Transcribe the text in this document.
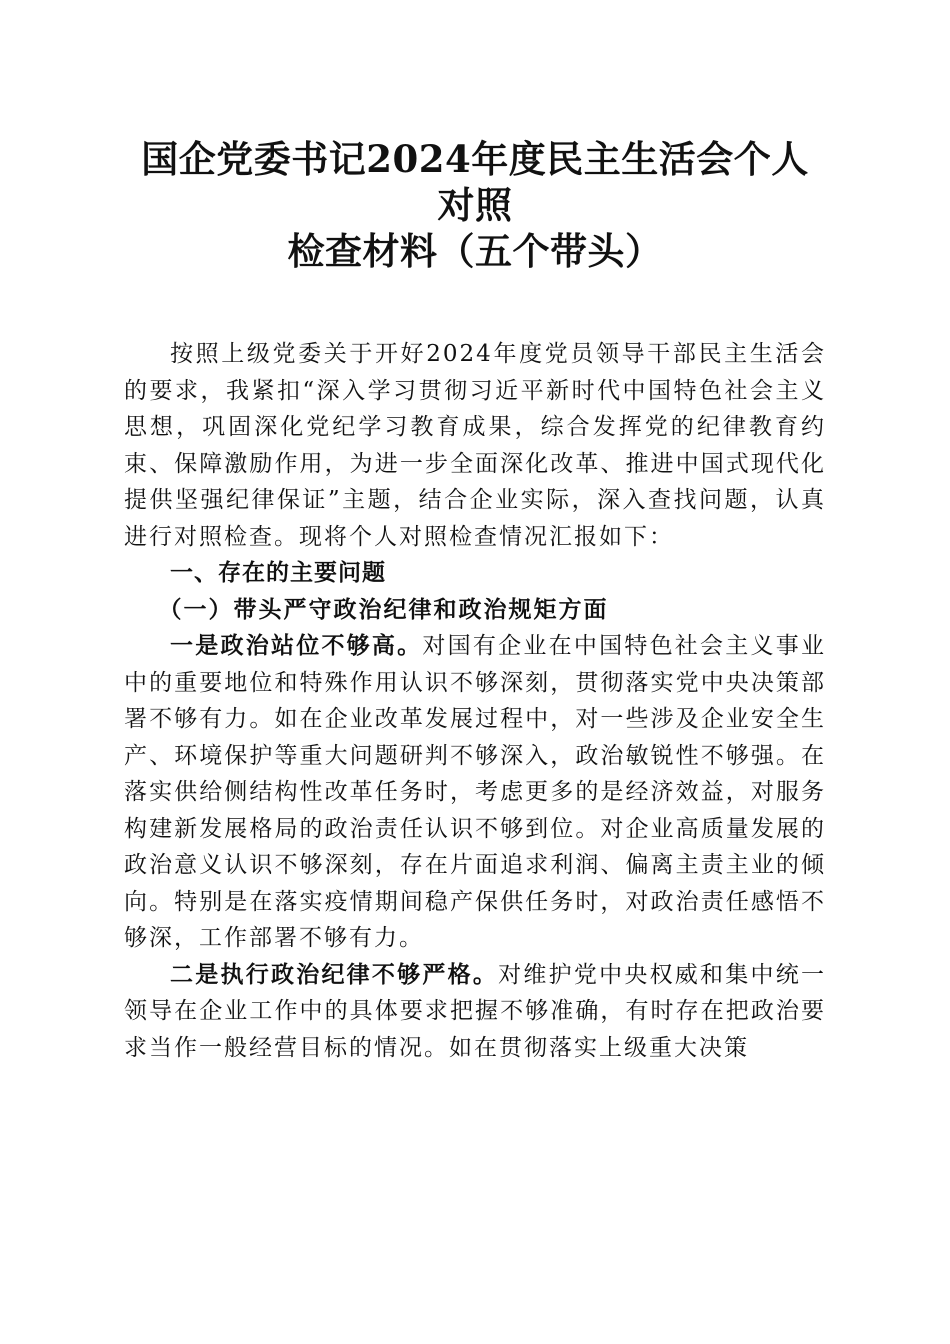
国企党委书记2024年度民主生活会个人对照
检查材料（五个带头）

按照上级党委关于开好2024年度党员领导干部民主生活会的要求，我紧扣“深入学习贯彻习近平新时代中国特色社会主义思想，巩固深化党纪学习教育成果，综合发挥党的纪律教育约束、保障激励作用，为进一步全面深化改革、推进中国式现代化提供坚强纪律保证”主题，结合企业实际，深入查找问题，认真进行对照检查。现将个人对照检查情况汇报如下：

一、存在的主要问题

（一）带头严守政治纪律和政治规矩方面

一是政治站位不够高。对国有企业在中国特色社会主义事业中的重要地位和特殊作用认识不够深刻，贯彻落实党中央决策部署不够有力。如在企业改革发展过程中，对一些涉及企业安全生产、环境保护等重大问题研判不够深入，政治敏锐性不够强。在落实供给侧结构性改革任务时，考虑更多的是经济效益，对服务构建新发展格局的政治责任认识不够到位。对企业高质量发展的政治意义认识不够深刻，存在片面追求利润、偏离主责主业的倾向。特别是在落实疫情期间稳产保供任务时，对政治责任感悟不够深，工作部署不够有力。

二是执行政治纪律不够严格。对维护党中央权威和集中统一领导在企业工作中的具体要求把握不够准确，有时存在把政治要求当作一般经营目标的情况。如在贯彻落实上级重大决策
